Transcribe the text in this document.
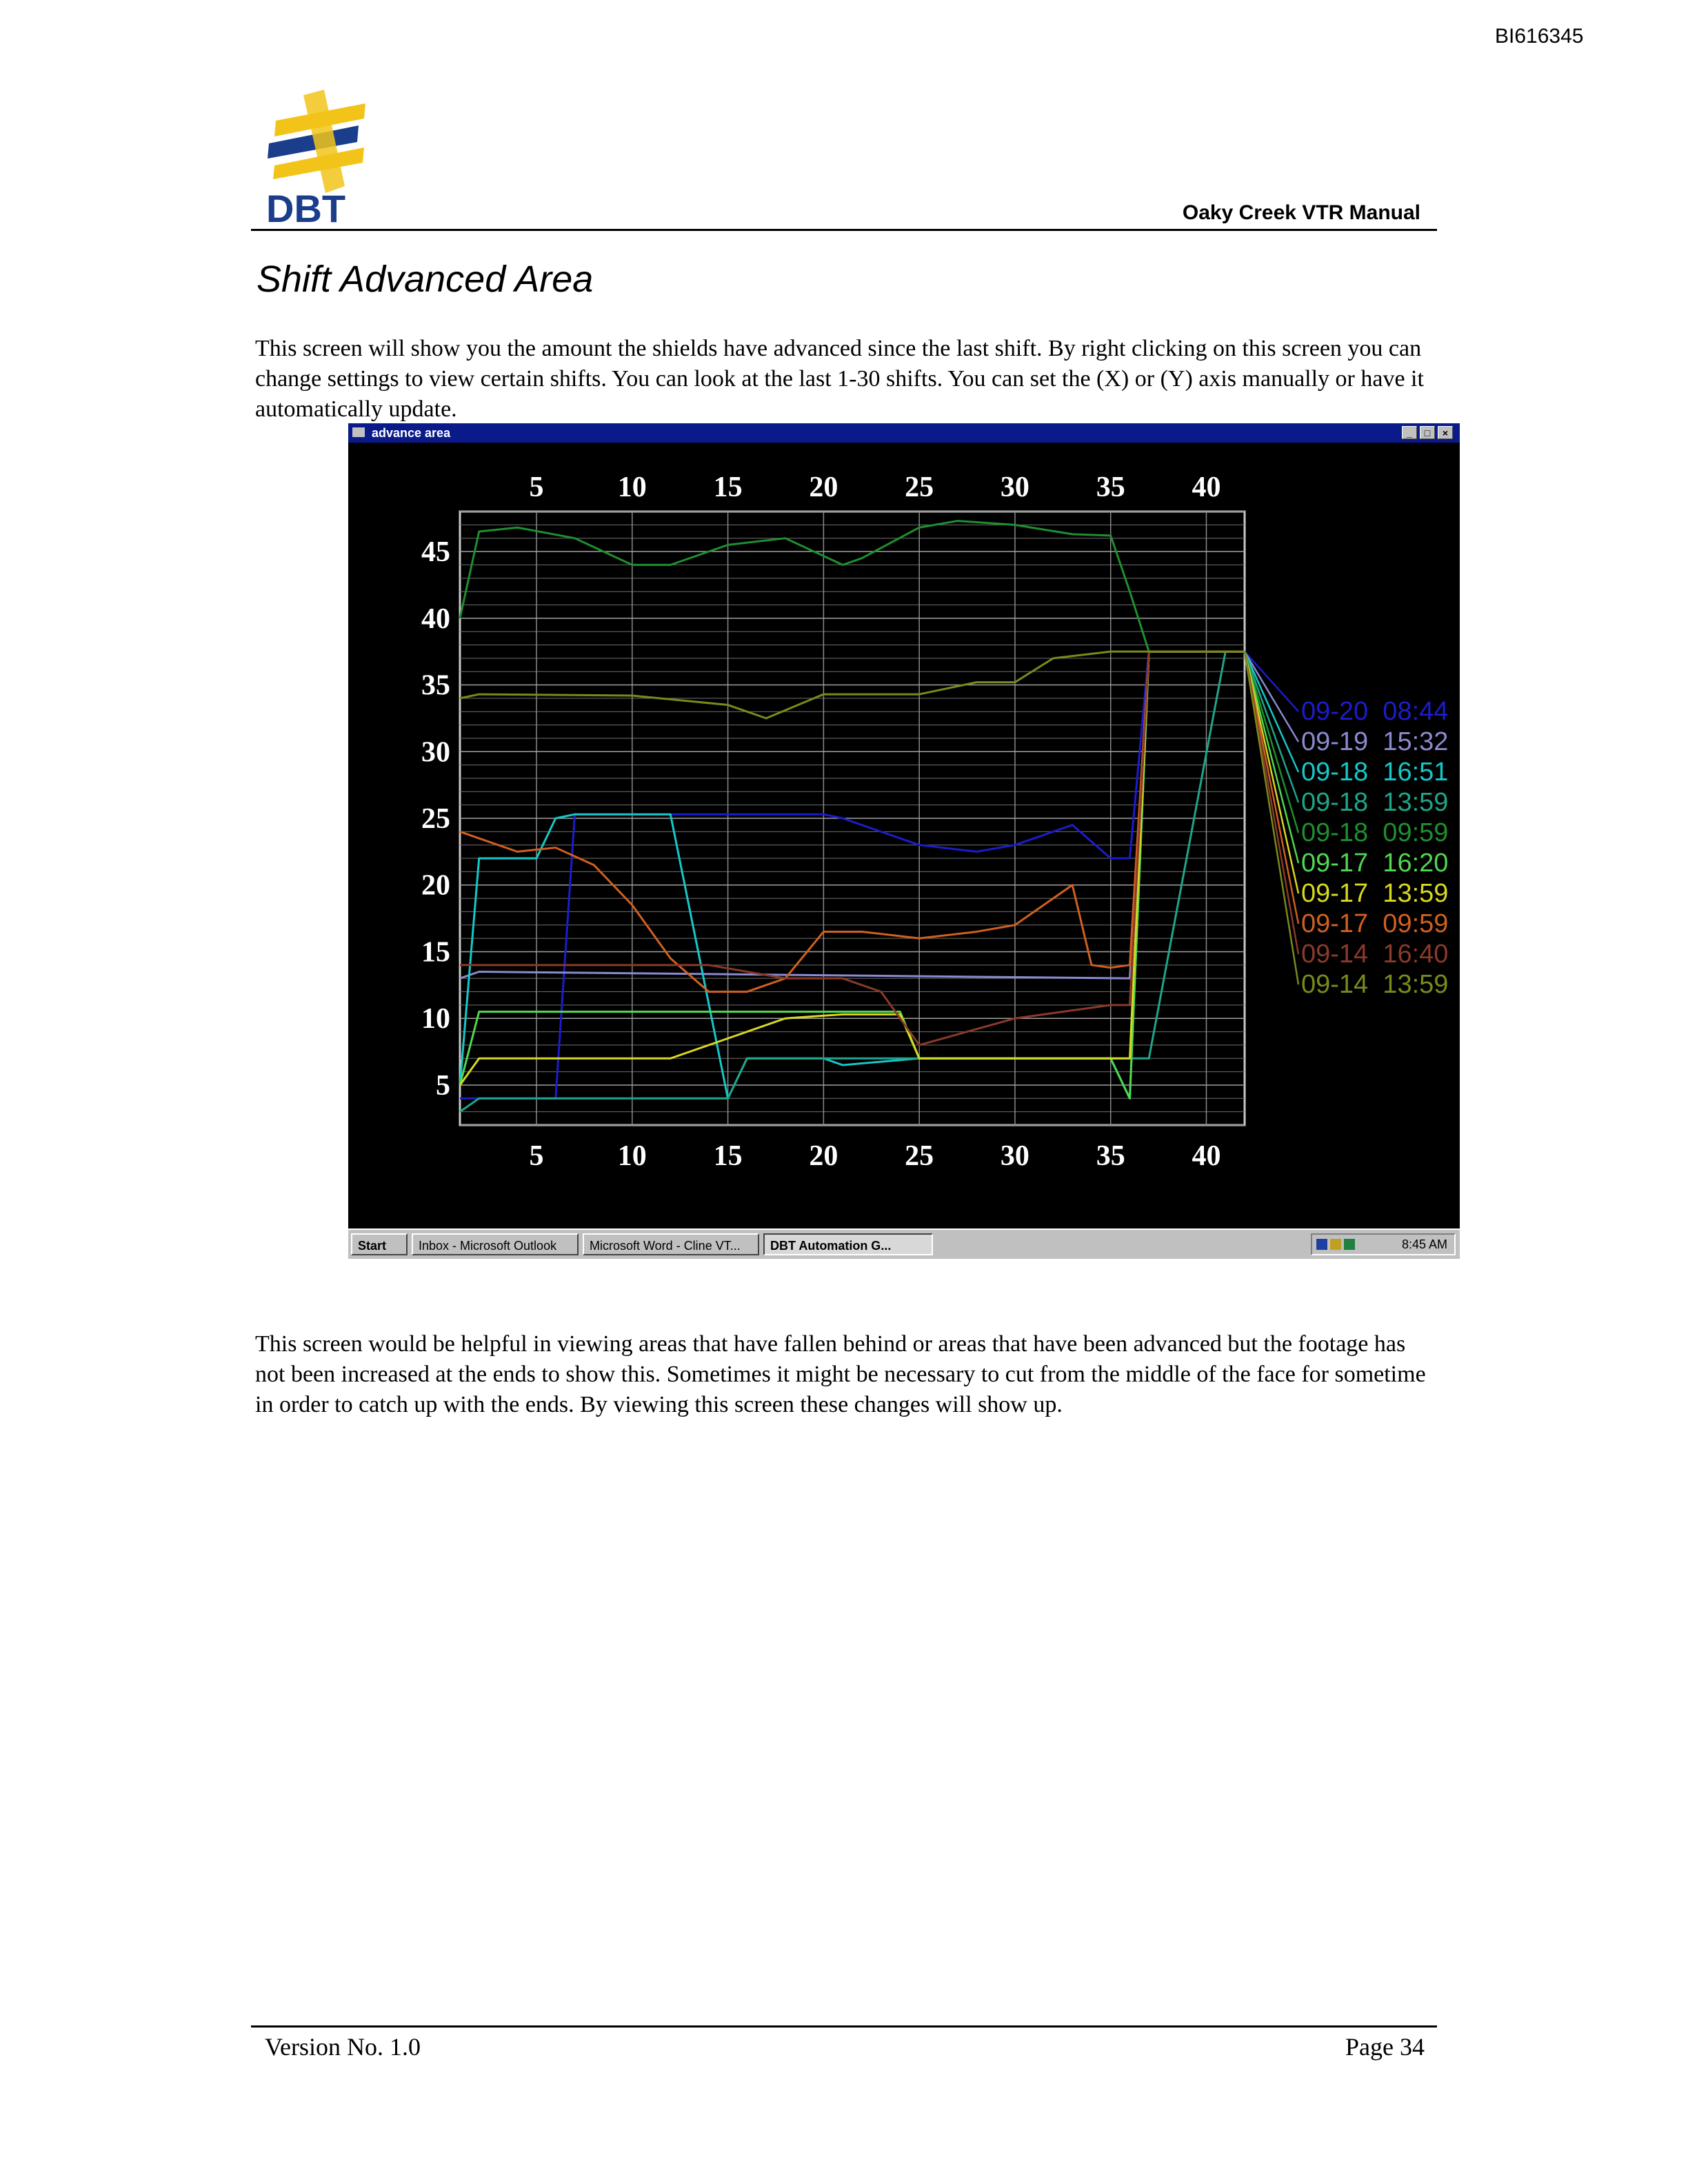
BI616345
DBT	Oaky Creek VTR Manual
Shift Advanced Area
This screen will show you the amount the shields have advanced since the last shift. By right clicking on this screen you can change settings to view certain shifts. You can look at the last 1-30 shifts. You can set the (X) or (Y) axis manually or have it automatically update.
advance area	_	□	×
5
5
10
10
15
15
20
20
25
25
30
30
35
35
40
40
5
10
15
20
25
30
35
40
45
09-20  08:44
09-19  15:32
09-18  16:51
09-18  13:59
09-18  09:59
09-17  16:20
09-17  13:59
09-17  09:59
09-14  16:40
09-14  13:59
Start	Inbox - Microsoft Outlook	Microsoft Word - Cline VT...	DBT Automation G...	8:45 AM
This screen would be helpful in viewing areas that have fallen behind or areas that have been advanced but the footage has not been increased at the ends to show this. Sometimes it might be necessary to cut from the middle of the face for sometime in order to catch up with the ends. By viewing this screen these changes will show up.
Version No. 1.0	Page 34
